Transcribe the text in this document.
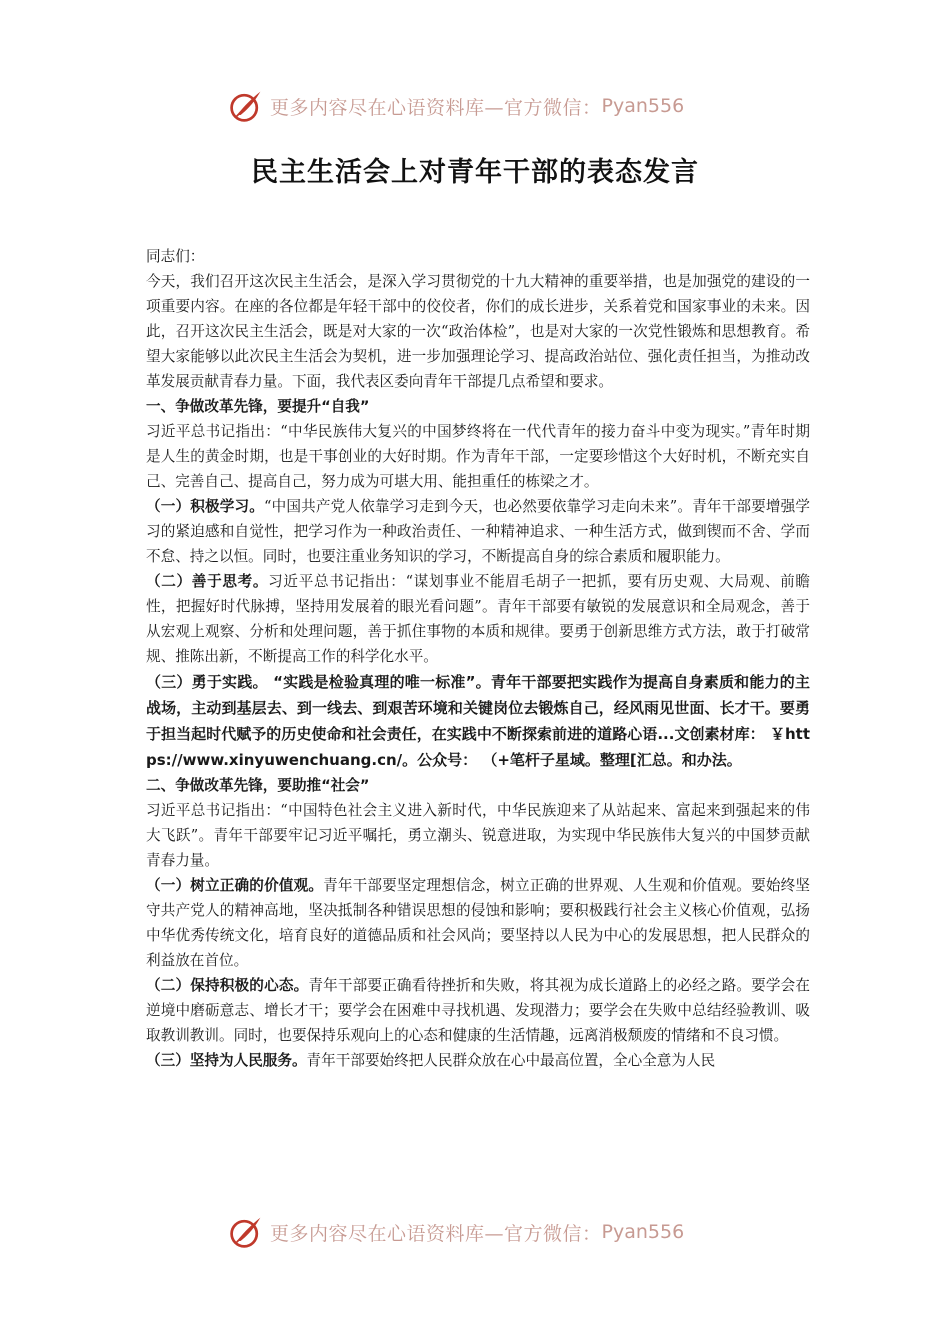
更多内容尽在心语资料库—官方微信： Pyan556
民主生活会上对青年干部的表态发言

同志们：

今天，我们召开这次民主生活会，是深入学习贯彻党的十九大精神的重要举措，也是加强党的建设的一项重要内容。在座的各位都是年轻干部中的佼佼者，你们的成长进步，关系着党和国家事业的未来。因此，召开这次民主生活会，既是对大家的一次“政治体检”，也是对大家的一次党性锻炼和思想教育。希望大家能够以此次民主生活会为契机，进一步加强理论学习、提高政治站位、强化责任担当，为推动改革发展贡献青春力量。下面，我代表区委向青年干部提几点希望和要求。

一、争做改革先锋，要提升“自我”

习近平总书记指出：“中华民族伟大复兴的中国梦终将在一代代青年的接力奋斗中变为现实。”青年时期是人生的黄金时期，也是干事创业的大好时期。作为青年干部，一定要珍惜这个大好时机，不断充实自己、完善自己、提高自己，努力成为可堪大用、能担重任的栋梁之才。

（一）积极学习。“中国共产党人依靠学习走到今天，也必然要依靠学习走向未来”。青年干部要增强学习的紧迫感和自觉性，把学习作为一种政治责任、一种精神追求、一种生活方式，做到锲而不舍、学而不怠、持之以恒。同时，也要注重业务知识的学习，不断提高自身的综合素质和履职能力。

（二）善于思考。习近平总书记指出：“谋划事业不能眉毛胡子一把抓，要有历史观、大局观、前瞻性，把握好时代脉搏，坚持用发展着的眼光看问题”。青年干部要有敏锐的发展意识和全局观念，善于从宏观上观察、分析和处理问题，善于抓住事物的本质和规律。要勇于创新思维方式方法，敢于打破常规、推陈出新，不断提高工作的科学化水平。

（三）勇于实践。 “实践是检验真理的唯一标准”。青年干部要把实践作为提高自身素质和能力的主战场，主动到基层去、到一线去、到艰苦环境和关键岗位去锻炼自己，经风雨见世面、长才干。要勇于担当起时代赋予的历史使命和社会责任，在实践中不断探索前进的道路心语...文创素材库： ￥https://www.xinyuwenchuang.cn/。公众号： （+笔杆子星域。整理[汇总。和办法。

二、争做改革先锋，要助推“社会”

习近平总书记指出：“中国特色社会主义进入新时代，中华民族迎来了从站起来、富起来到强起来的伟大飞跃”。青年干部要牢记习近平嘱托，勇立潮头、锐意进取，为实现中华民族伟大复兴的中国梦贡献青春力量。

（一）树立正确的价值观。青年干部要坚定理想信念，树立正确的世界观、人生观和价值观。要始终坚守共产党人的精神高地，坚决抵制各种错误思想的侵蚀和影响；要积极践行社会主义核心价值观，弘扬中华优秀传统文化，培育良好的道德品质和社会风尚；要坚持以人民为中心的发展思想，把人民群众的利益放在首位。

（二）保持积极的心态。青年干部要正确看待挫折和失败，将其视为成长道路上的必经之路。要学会在逆境中磨砺意志、增长才干；要学会在困难中寻找机遇、发现潜力；要学会在失败中总结经验教训、吸取教训教训。同时，也要保持乐观向上的心态和健康的生活情趣，远离消极颓废的情绪和不良习惯。

（三）坚持为人民服务。青年干部要始终把人民群众放在心中最高位置，全心全意为人民

更多内容尽在心语资料库—官方微信： Pyan556
